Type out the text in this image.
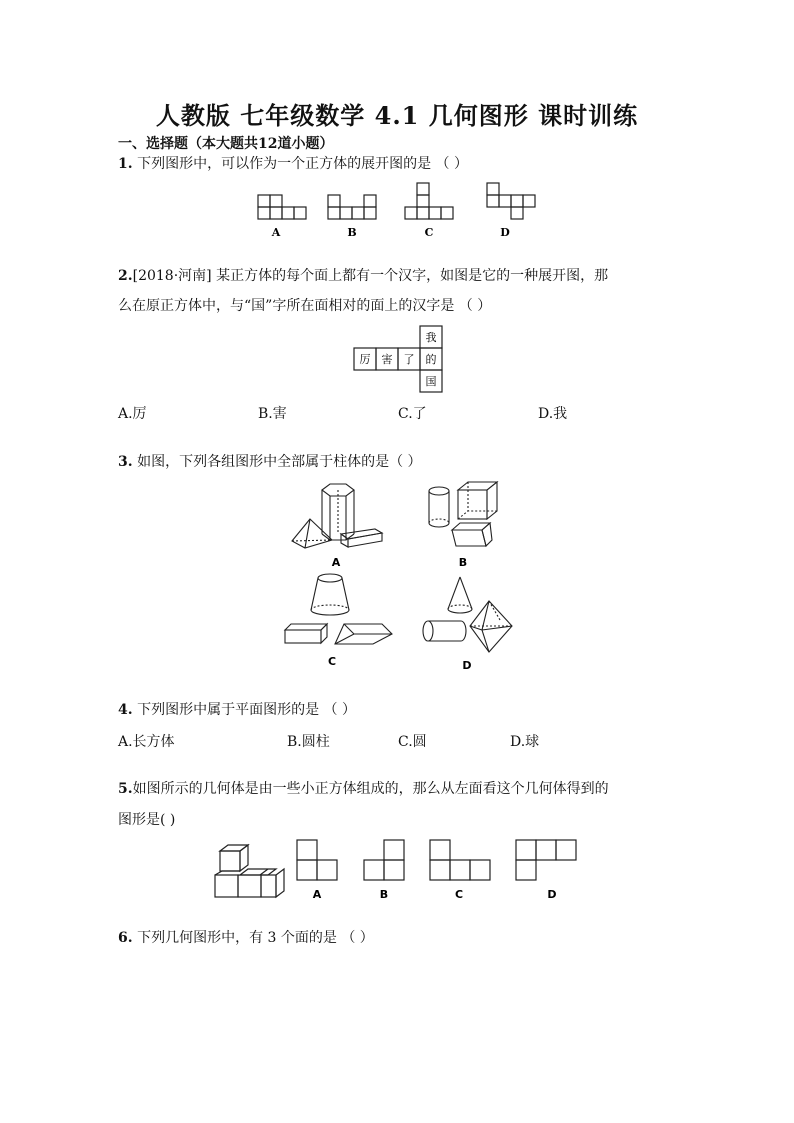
人教版 七年级数学 4.1 几何图形 课时训练
一、选择题（本大题共12道小题）
1. 下列图形中，可以作为一个正方体的展开图的是 （ ）
A	B	C	D
2.[2018·河南] 某正方体的每个面上都有一个汉字，如图是它的一种展开图，那
么在原正方体中，与“国”字所在面相对的面上的汉字是 （ ）
厉 害 了
我
的
国
A.厉	B.害	C.了	D.我
3. 如图，下列各组图形中全部属于柱体的是（ ）
A	B
C	D
4. 下列图形中属于平面图形的是 （ ）
A.长方体	B.圆柱	C.圆	D.球
5.如图所示的几何体是由一些小正方体组成的，那么从左面看这个几何体得到的
图形是( )
A	B	C	D
6. 下列几何图形中，有 3 个面的是 （ ）
